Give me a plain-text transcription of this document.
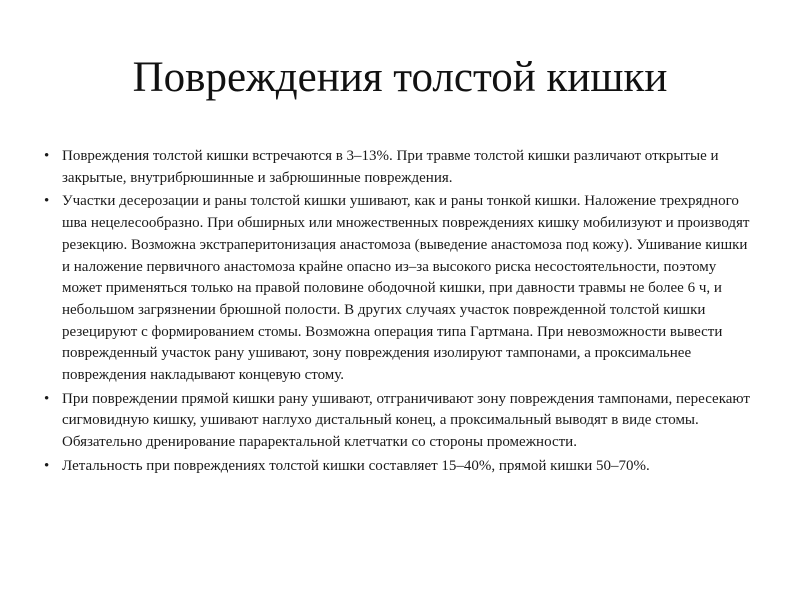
Повреждения толстой кишки
• Повреждения толстой кишки встречаются в 3–13%. При травме толстой кишки различают открытые и закрытые, внутрибрюшинные и забрюшинные повреждения.
• Участки десерозации и раны толстой кишки ушивают, как и раны тонкой кишки. Наложение трехрядного шва нецелесообразно. При обширных или множественных повреждениях кишку мобилизуют и производят резекцию. Возможна экстраперитонизация анастомоза (выведение анастомоза под кожу). Ушивание кишки и наложение первичного анастомоза крайне опасно из–за высокого риска несостоятельности, поэтому может применяться только на правой половине ободочной кишки, при давности травмы не более 6 ч, и небольшом загрязнении брюшной полости. В других случаях участок поврежденной толстой кишки резецируют с формированием стомы. Возможна операция типа Гартмана. При невозможности вывести поврежденный участок рану ушивают, зону повреждения изолируют тампонами, а проксимальнее повреждения накладывают концевую стому.
• При повреждении прямой кишки рану ушивают, отграничивают зону повреждения тампонами, пересекают сигмовидную кишку, ушивают наглухо дистальный конец, а проксимальный выводят в виде стомы. Обязательно дренирование параректальной клетчатки со стороны промежности.
• Летальность при повреждениях толстой кишки составляет 15–40%, прямой кишки 50–70%.
